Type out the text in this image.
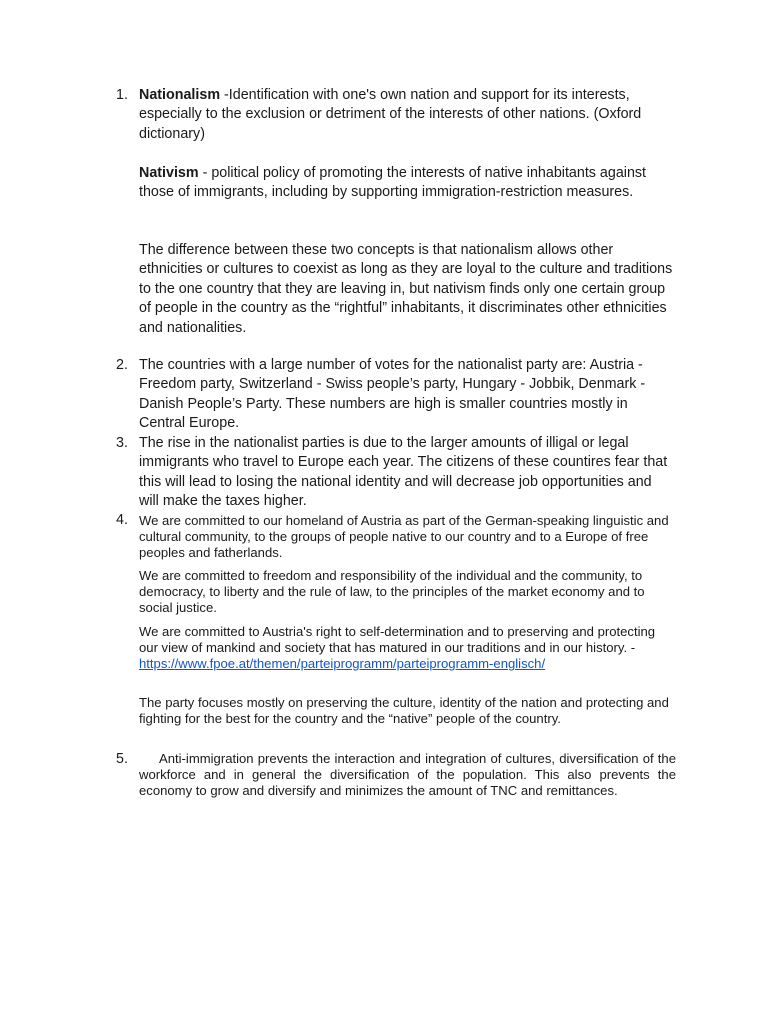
1. Nationalism -Identification with one's own nation and support for its interests, especially to the exclusion or detriment of the interests of other nations. (Oxford dictionary)

Nativism - political policy of promoting the interests of native inhabitants against those of immigrants, including by supporting immigration-restriction measures.

The difference between these two concepts is that nationalism allows other ethnicities or cultures to coexist as long as they are loyal to the culture and traditions to the one country that they are leaving in, but nativism finds only one certain group of people in the country as the “rightful” inhabitants, it discriminates other ethnicities and nationalities.

2. The countries with a large number of votes for the nationalist party are: Austria - Freedom party, Switzerland - Swiss people’s party, Hungary - Jobbik, Denmark - Danish People’s Party. These numbers are high is smaller countries mostly in Central Europe.

3. The rise in the nationalist parties is due to the larger amounts of illigal or legal immigrants who travel to Europe each year. The citizens of these countires fear that this will lead to losing the national identity and will decrease job opportunities and will make the taxes higher.

4. We are committed to our homeland of Austria as part of the German-speaking linguistic and cultural community, to the groups of people native to our country and to a Europe of free peoples and fatherlands.

We are committed to freedom and responsibility of the individual and the community, to democracy, to liberty and the rule of law, to the principles of the market economy and to social justice.

We are committed to Austria's right to self-determination and to preserving and protecting our view of mankind and society that has matured in our traditions and in our history. -https://www.fpoe.at/themen/parteiprogramm/parteiprogramm-englisch/

The party focuses mostly on preserving the culture, identity of the nation and protecting and fighting for the best for the country and the “native” people of the country.

5.	Anti-immigration prevents the interaction and integration of cultures, diversification of the workforce and in general the diversification of the population. This also prevents the economy to grow and diversify and minimizes the amount of TNC and remittances.
